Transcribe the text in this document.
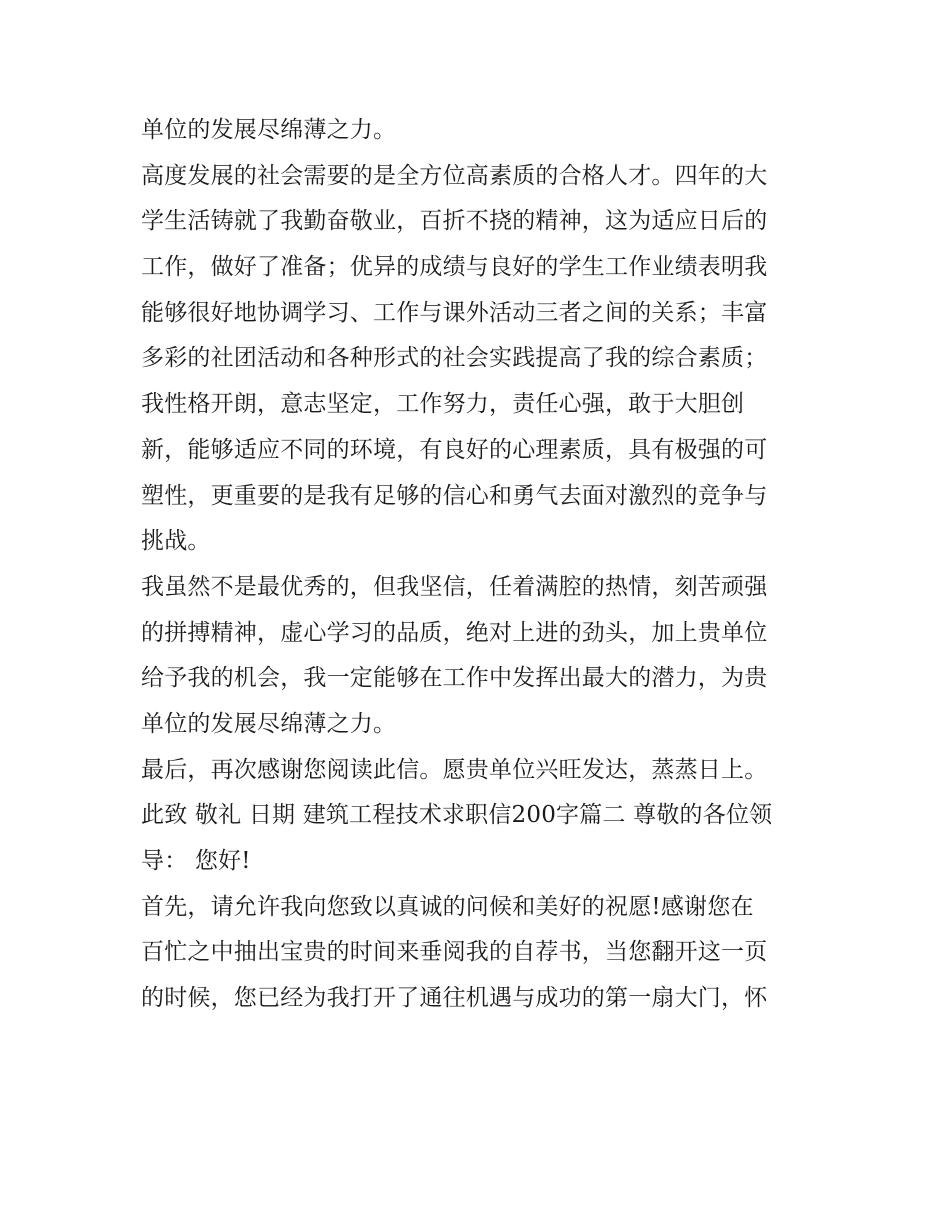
单位的发展尽绵薄之力。
高度发展的社会需要的是全方位高素质的合格人才。四年的大
学生活铸就了我勤奋敬业，百折不挠的精神，这为适应日后的
工作，做好了准备；优异的成绩与良好的学生工作业绩表明我
能够很好地协调学习、工作与课外活动三者之间的关系；丰富
多彩的社团活动和各种形式的社会实践提高了我的综合素质；
我性格开朗，意志坚定，工作努力，责任心强，敢于大胆创
新，能够适应不同的环境，有良好的心理素质，具有极强的可
塑性，更重要的是我有足够的信心和勇气去面对激烈的竞争与
挑战。
我虽然不是最优秀的，但我坚信，任着满腔的热情，刻苦顽强
的拼搏精神，虚心学习的品质，绝对上进的劲头，加上贵单位
给予我的机会，我一定能够在工作中发挥出最大的潜力，为贵
单位的发展尽绵薄之力。
最后，再次感谢您阅读此信。愿贵单位兴旺发达，蒸蒸日上。
此致 敬礼 日期 建筑工程技术求职信200字篇二 尊敬的各位领
导： 您好!
首先，请允许我向您致以真诚的问候和美好的祝愿!感谢您在
百忙之中抽出宝贵的时间来垂阅我的自荐书，当您翻开这一页
的时候，您已经为我打开了通往机遇与成功的第一扇大门，怀
